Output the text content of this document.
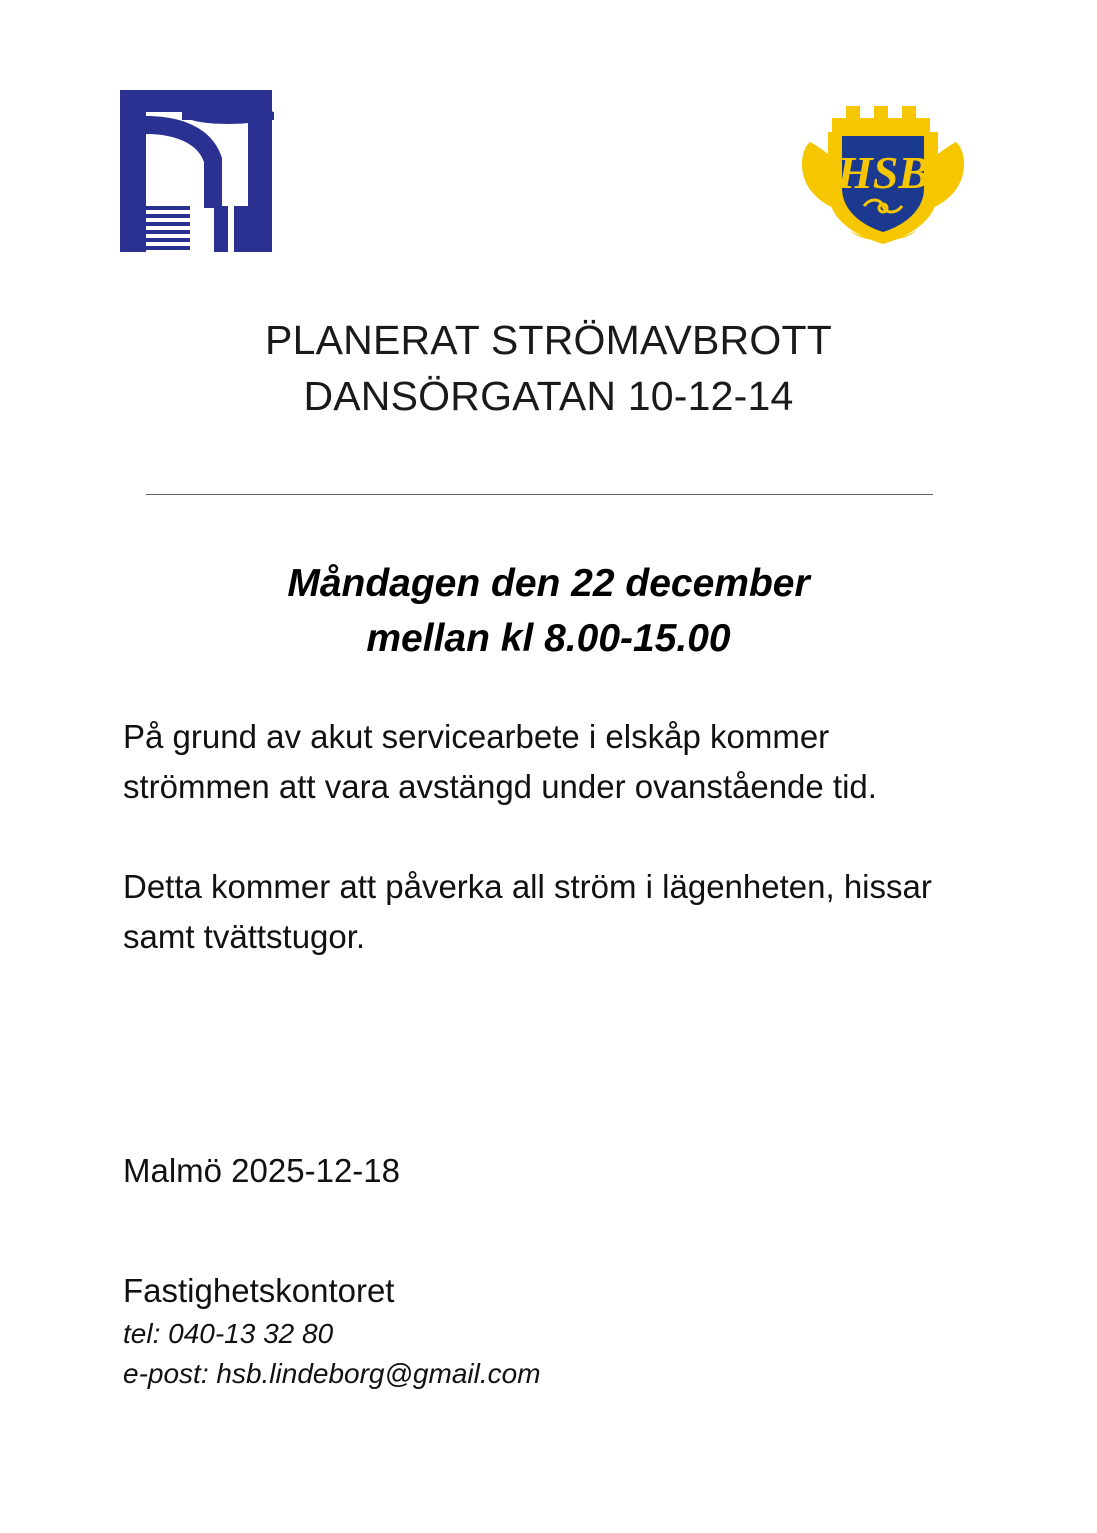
HSB
PLANERAT STRÖMAVBROTT
DANSÖRGATAN 10-12-14
Måndagen den 22 december
mellan kl 8.00-15.00

På grund av akut servicearbete i elskåp kommer strömmen att vara avstängd under ovanstående tid.

Detta kommer att påverka all ström i lägenheten, hissar samt tvättstugor.

Malmö 2025-12-18
Fastighetskontoret
tel: 040-13 32 80
e-post: hsb.lindeborg@gmail.com
